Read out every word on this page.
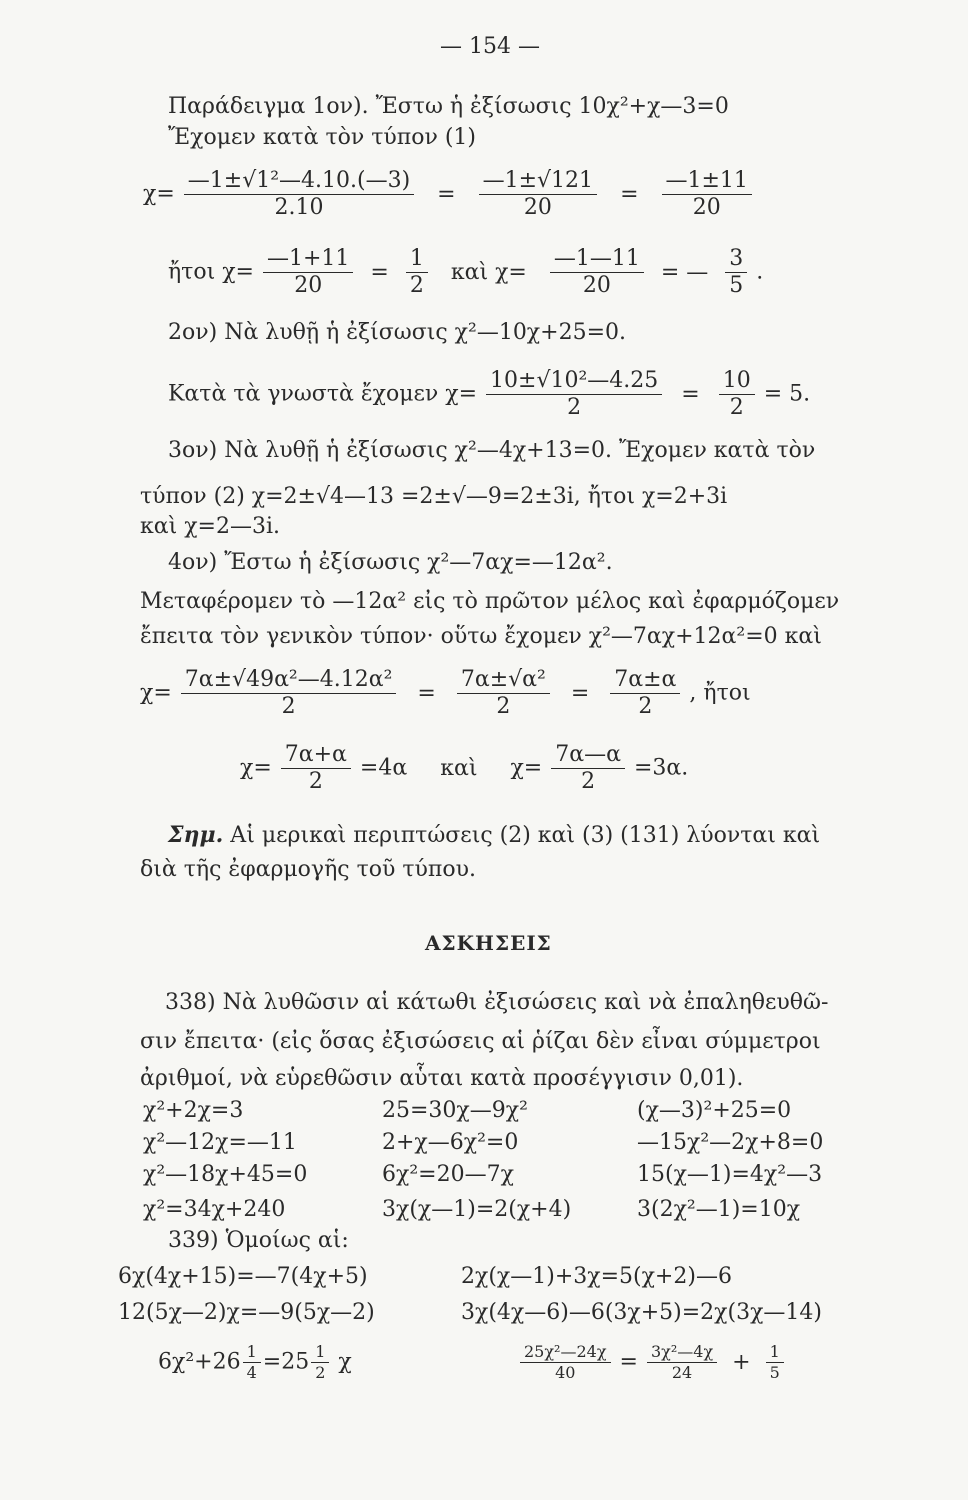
— 154 —
Παράδειγμα 1ον). Ἔστω ἡ ἐξίσωσις 10χ²+χ—3=0
Ἔχομεν κατὰ τὸν τύπον (1)
$\chi= \frac{\text{—1±√1²—4.10.(—3)}}{2.10} = \frac{—1\pm√121}{20} = \frac{—1\pm 11}{20}$
ἤτοι $\chi= \frac{—1+11}{20} = \frac{1}{2}$ καὶ $\chi= \frac{—1—11}{20}$ = — $\frac{3}{5}$ .
2ον) Νὰ λυθῇ ἡ ἐξίσωσις χ²—10χ+25=0.
Κατὰ τὰ γνωστὰ ἔχομεν $\chi= \frac{\text{10±√10²—4.25}}{2} = \frac{10}{2} = 5$.
3ον) Νὰ λυθῇ ἡ ἐξίσωσις χ²—4χ+13=0. Ἔχομεν κατὰ τὸν
τύπον (2) χ=2±√4—13 =2±√—9=2±3i, ἤτοι χ=2+3i
καὶ χ=2—3i.
4ον) Ἔστω ἡ ἐξίσωσις χ²—7αχ=—12α².
Μεταφέρομεν τὸ —12α² εἰς τὸ πρῶτον μέλος καὶ ἐφαρμόζομεν
ἔπειτα τὸν γενικὸν τύπον· οὕτω ἔχομεν χ²—7αχ+12α²=0 καὶ
$\chi= \frac{\text{7α±√49α²—4.12α²}}{2} = \frac{\text{7α±√α²}}{2} = \frac{7\alpha\pm\alpha}{2}$ , ἤτοι
$\chi= \frac{7\alpha+\alpha}{2} =4\alpha$ καὶ $\chi= \frac{7\alpha—\alpha}{2} =3\alpha$.
Σημ. Αἱ μερικαὶ περιπτώσεις (2) καὶ (3) (131) λύονται καὶ
διὰ τῆς ἐφαρμογῆς τοῦ τύπου.
ΑΣΚΗΣΕΙΣ
338) Νὰ λυθῶσιν αἱ κάτωθι ἐξισώσεις καὶ νὰ ἐπαληθευθῶ-
σιν ἔπειτα· (εἰς ὅσας ἐξισώσεις αἱ ῥίζαι δὲν εἶναι σύμμετροι
ἀριθμοί, νὰ εὑρεθῶσιν αὗται κατὰ προσέγγισιν 0,01).
χ²+2χ=3	25=30χ—9χ²	(χ—3)²+25=0
χ²—12χ=—11	2+χ—6χ²=0	—15χ²—2χ+8=0
χ²—18χ+45=0	6χ²=20—7χ	15(χ—1)=4χ²—3
χ²=34χ+240	3χ(χ—1)=2(χ+4)	3(2χ²—1)=10χ
339) Ὁμοίως αἱ:
6χ(4χ+15)=—7(4χ+5)	2χ(χ—1)+3χ=5(χ+2)—6
12(5χ—2)χ=—9(5χ—2)	3χ(4χ—6)—6(3χ+5)=2χ(3χ—14)
$6\chi^2+26 \frac{1}{4} =25 \frac{1}{2}$ χ	$\frac{\text{25χ²—24χ}}{40} = \frac{\text{3χ²—4χ}}{24} + \frac{1}{5}$
